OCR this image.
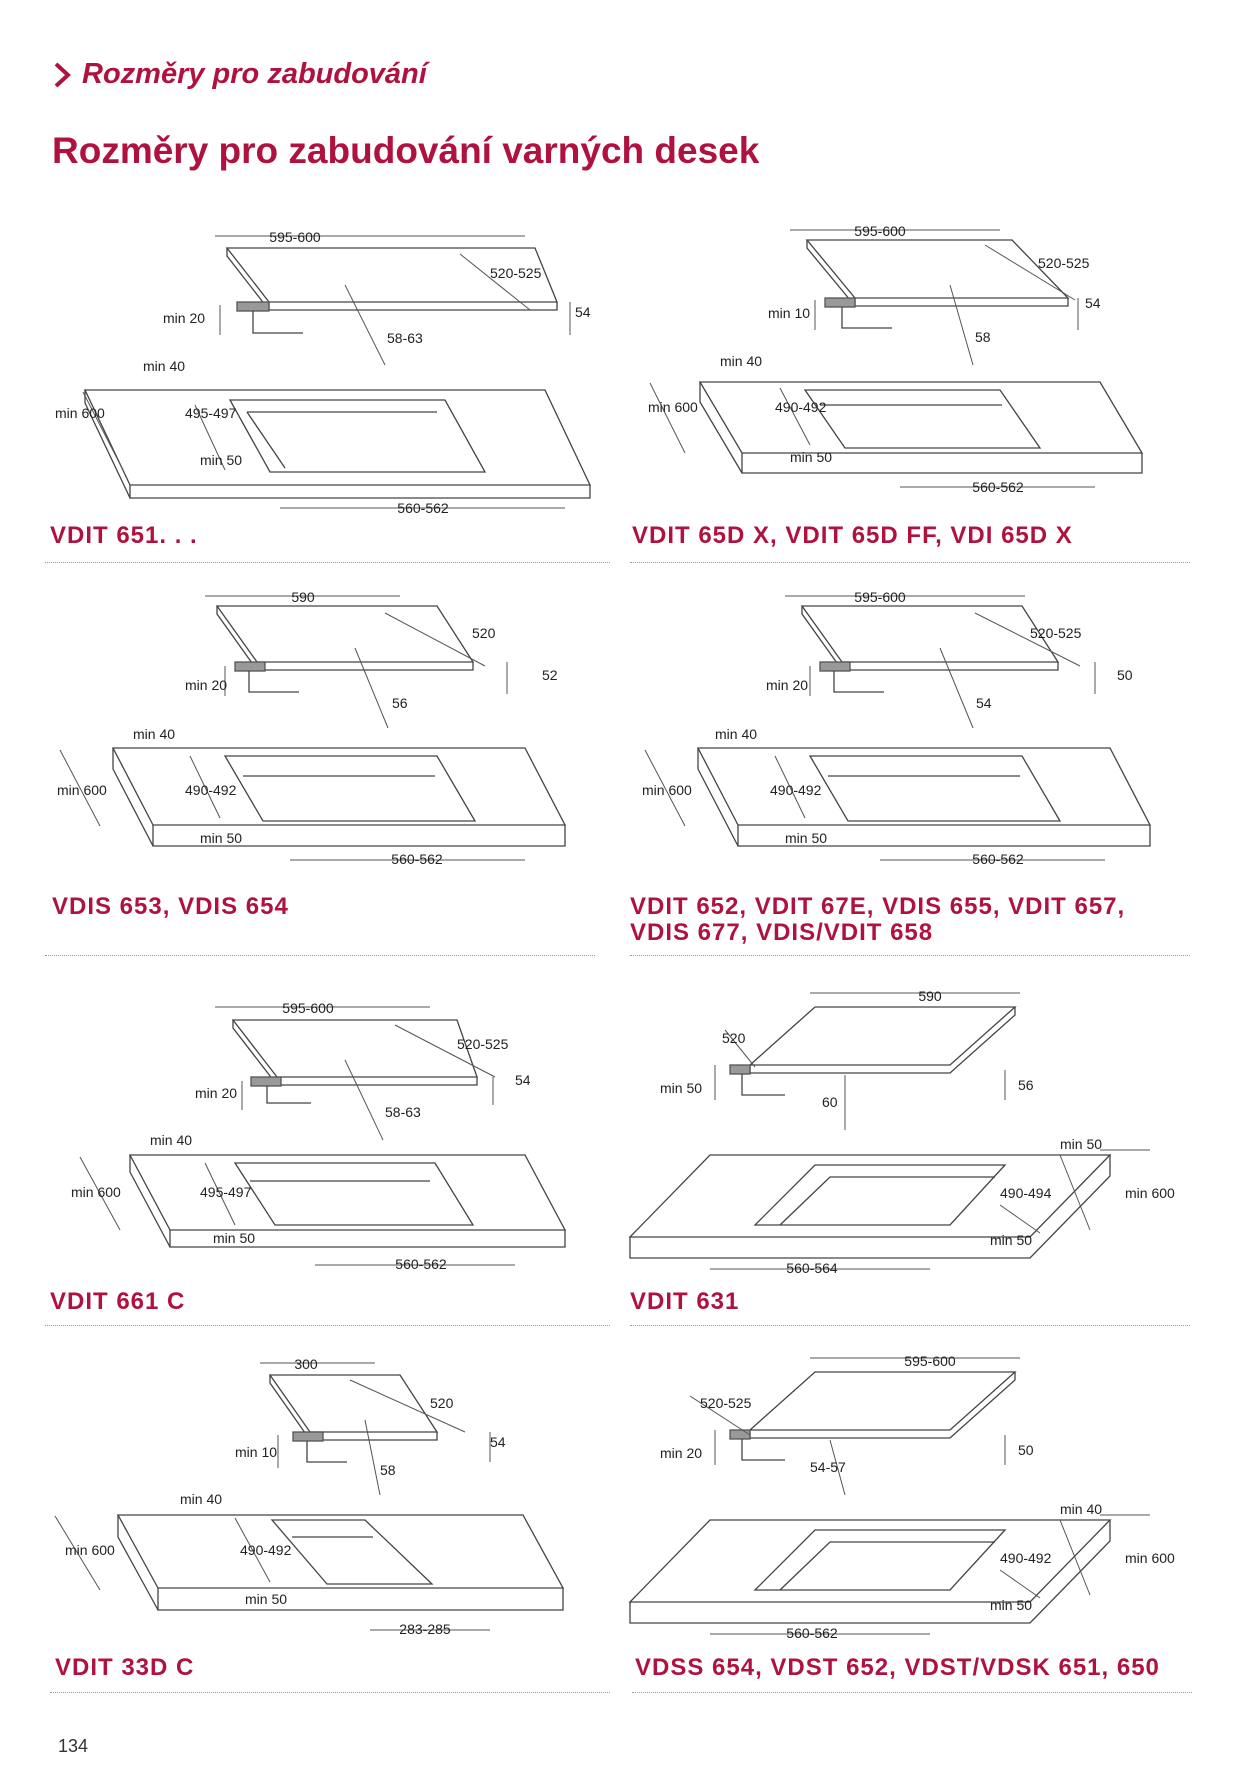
Rozměry pro zabudování
Rozměry pro zabudování varných desek
595-600
520-525
54
min 20
58-63
min 40
min 600	495-497
min 50
560-562
VDIT 651. . .
595-600
520-525
54
min 10
58
min 40
min 600	490-492
min 50
560-562
VDIT 65D X, VDIT 65D FF, VDI 65D X
590
520
52
min 20
56
min 40
min 600	490-492
min 50
560-562
VDIS 653, VDIS 654
595-600
520-525
50
min 20
54
min 40
min 600	490-492
min 50
560-562
VDIT 652, VDIT 67E, VDIS 655, VDIT 657,
VDIS 677, VDIS/VDIT 658
595-600
520-525
54
min 20
58-63
min 40
min 600	495-497
min 50
560-562
VDIT 661 C
590
520
56
min 50
60
min 50
min 600
490-494
min 50
560-564
VDIT 631
300
520
54
min 10
58
min 40
min 600	490-492
min 50
283-285
VDIT 33D C
595-600
520-525
50
min 20
54-57
min 40
min 600
490-492
min 50
560-562
VDSS 654, VDST 652, VDST/VDSK 651, 650
134
